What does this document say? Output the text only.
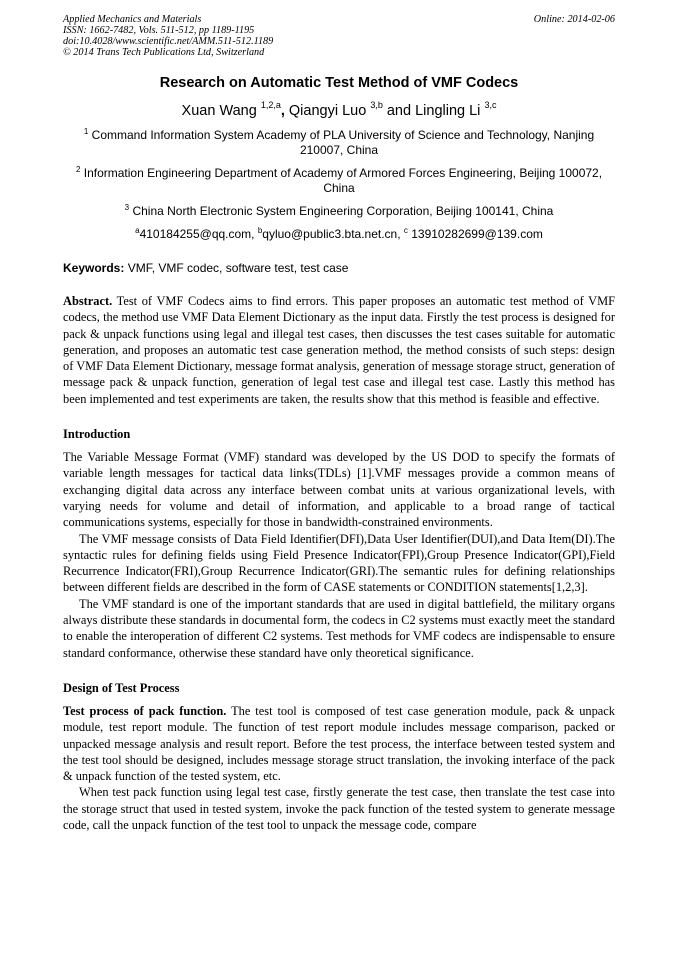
Applied Mechanics and Materials
ISSN: 1662-7482, Vols. 511-512, pp 1189-1195
doi:10.4028/www.scientific.net/AMM.511-512.1189
© 2014 Trans Tech Publications Ltd, Switzerland
Online: 2014-02-06
Research on Automatic Test Method of VMF Codecs
Xuan Wang $^{1,2,a}$, Qiangyi Luo $^{3,b}$ and Lingling Li $^{3,c}$
$^1$ Command Information System Academy of PLA University of Science and Technology, Nanjing 210007, China
$^2$ Information Engineering Department of Academy of Armored Forces Engineering, Beijing 100072, China
$^3$ China North Electronic System Engineering Corporation, Beijing 100141, China
$^a$410184255@qq.com, $^b$qyluo@public3.bta.net.cn, $^c$ 13910282699@139.com
Keywords: VMF, VMF codec, software test, test case
Abstract. Test of VMF Codecs aims to find errors. This paper proposes an automatic test method of VMF codecs, the method use VMF Data Element Dictionary as the input data. Firstly the test process is designed for pack & unpack functions using legal and illegal test cases, then discusses the test cases suitable for automatic generation, and proposes an automatic test case generation method, the method consists of such steps: design of VMF Data Element Dictionary, message format analysis, generation of message storage struct, generation of message pack & unpack function, generation of legal test case and illegal test case. Lastly this method has been implemented and test experiments are taken, the results show that this method is feasible and effective.
Introduction
The Variable Message Format (VMF) standard was developed by the US DOD to specify the formats of variable length messages for tactical data links(TDLs) [1].VMF messages provide a common means of exchanging digital data across any interface between combat units at various organizational levels, with varying needs for volume and detail of information, and applicable to a broad range of tactical communications systems, especially for those in bandwidth-constrained environments.
The VMF message consists of Data Field Identifier(DFI),Data User Identifier(DUI),and Data Item(DI).The syntactic rules for defining fields using Field Presence Indicator(FPI),Group Presence Indicator(GPI),Field Recurrence Indicator(FRI),Group Recurrence Indicator(GRI).The semantic rules for defining relationships between different fields are described in the form of CASE statements or CONDITION statements[1,2,3].
The VMF standard is one of the important standards that are used in digital battlefield, the military organs always distribute these standards in documental form, the codecs in C2 systems must exactly meet the standard to enable the interoperation of different C2 systems. Test methods for VMF codecs are indispensable to ensure standard conformance, otherwise these standard have only theoretical significance.
Design of Test Process
Test process of pack function. The test tool is composed of test case generation module, pack & unpack module, test report module. The function of test report module includes message comparison, packed or unpacked message analysis and result report. Before the test process, the interface between tested system and the test tool should be designed, includes message storage struct translation, the invoking interface of the pack & unpack function of the tested system, etc.
When test pack function using legal test case, firstly generate the test case, then translate the test case into the storage struct that used in tested system, invoke the pack function of the tested system to generate message code, call the unpack function of the test tool to unpack the message code, compare
